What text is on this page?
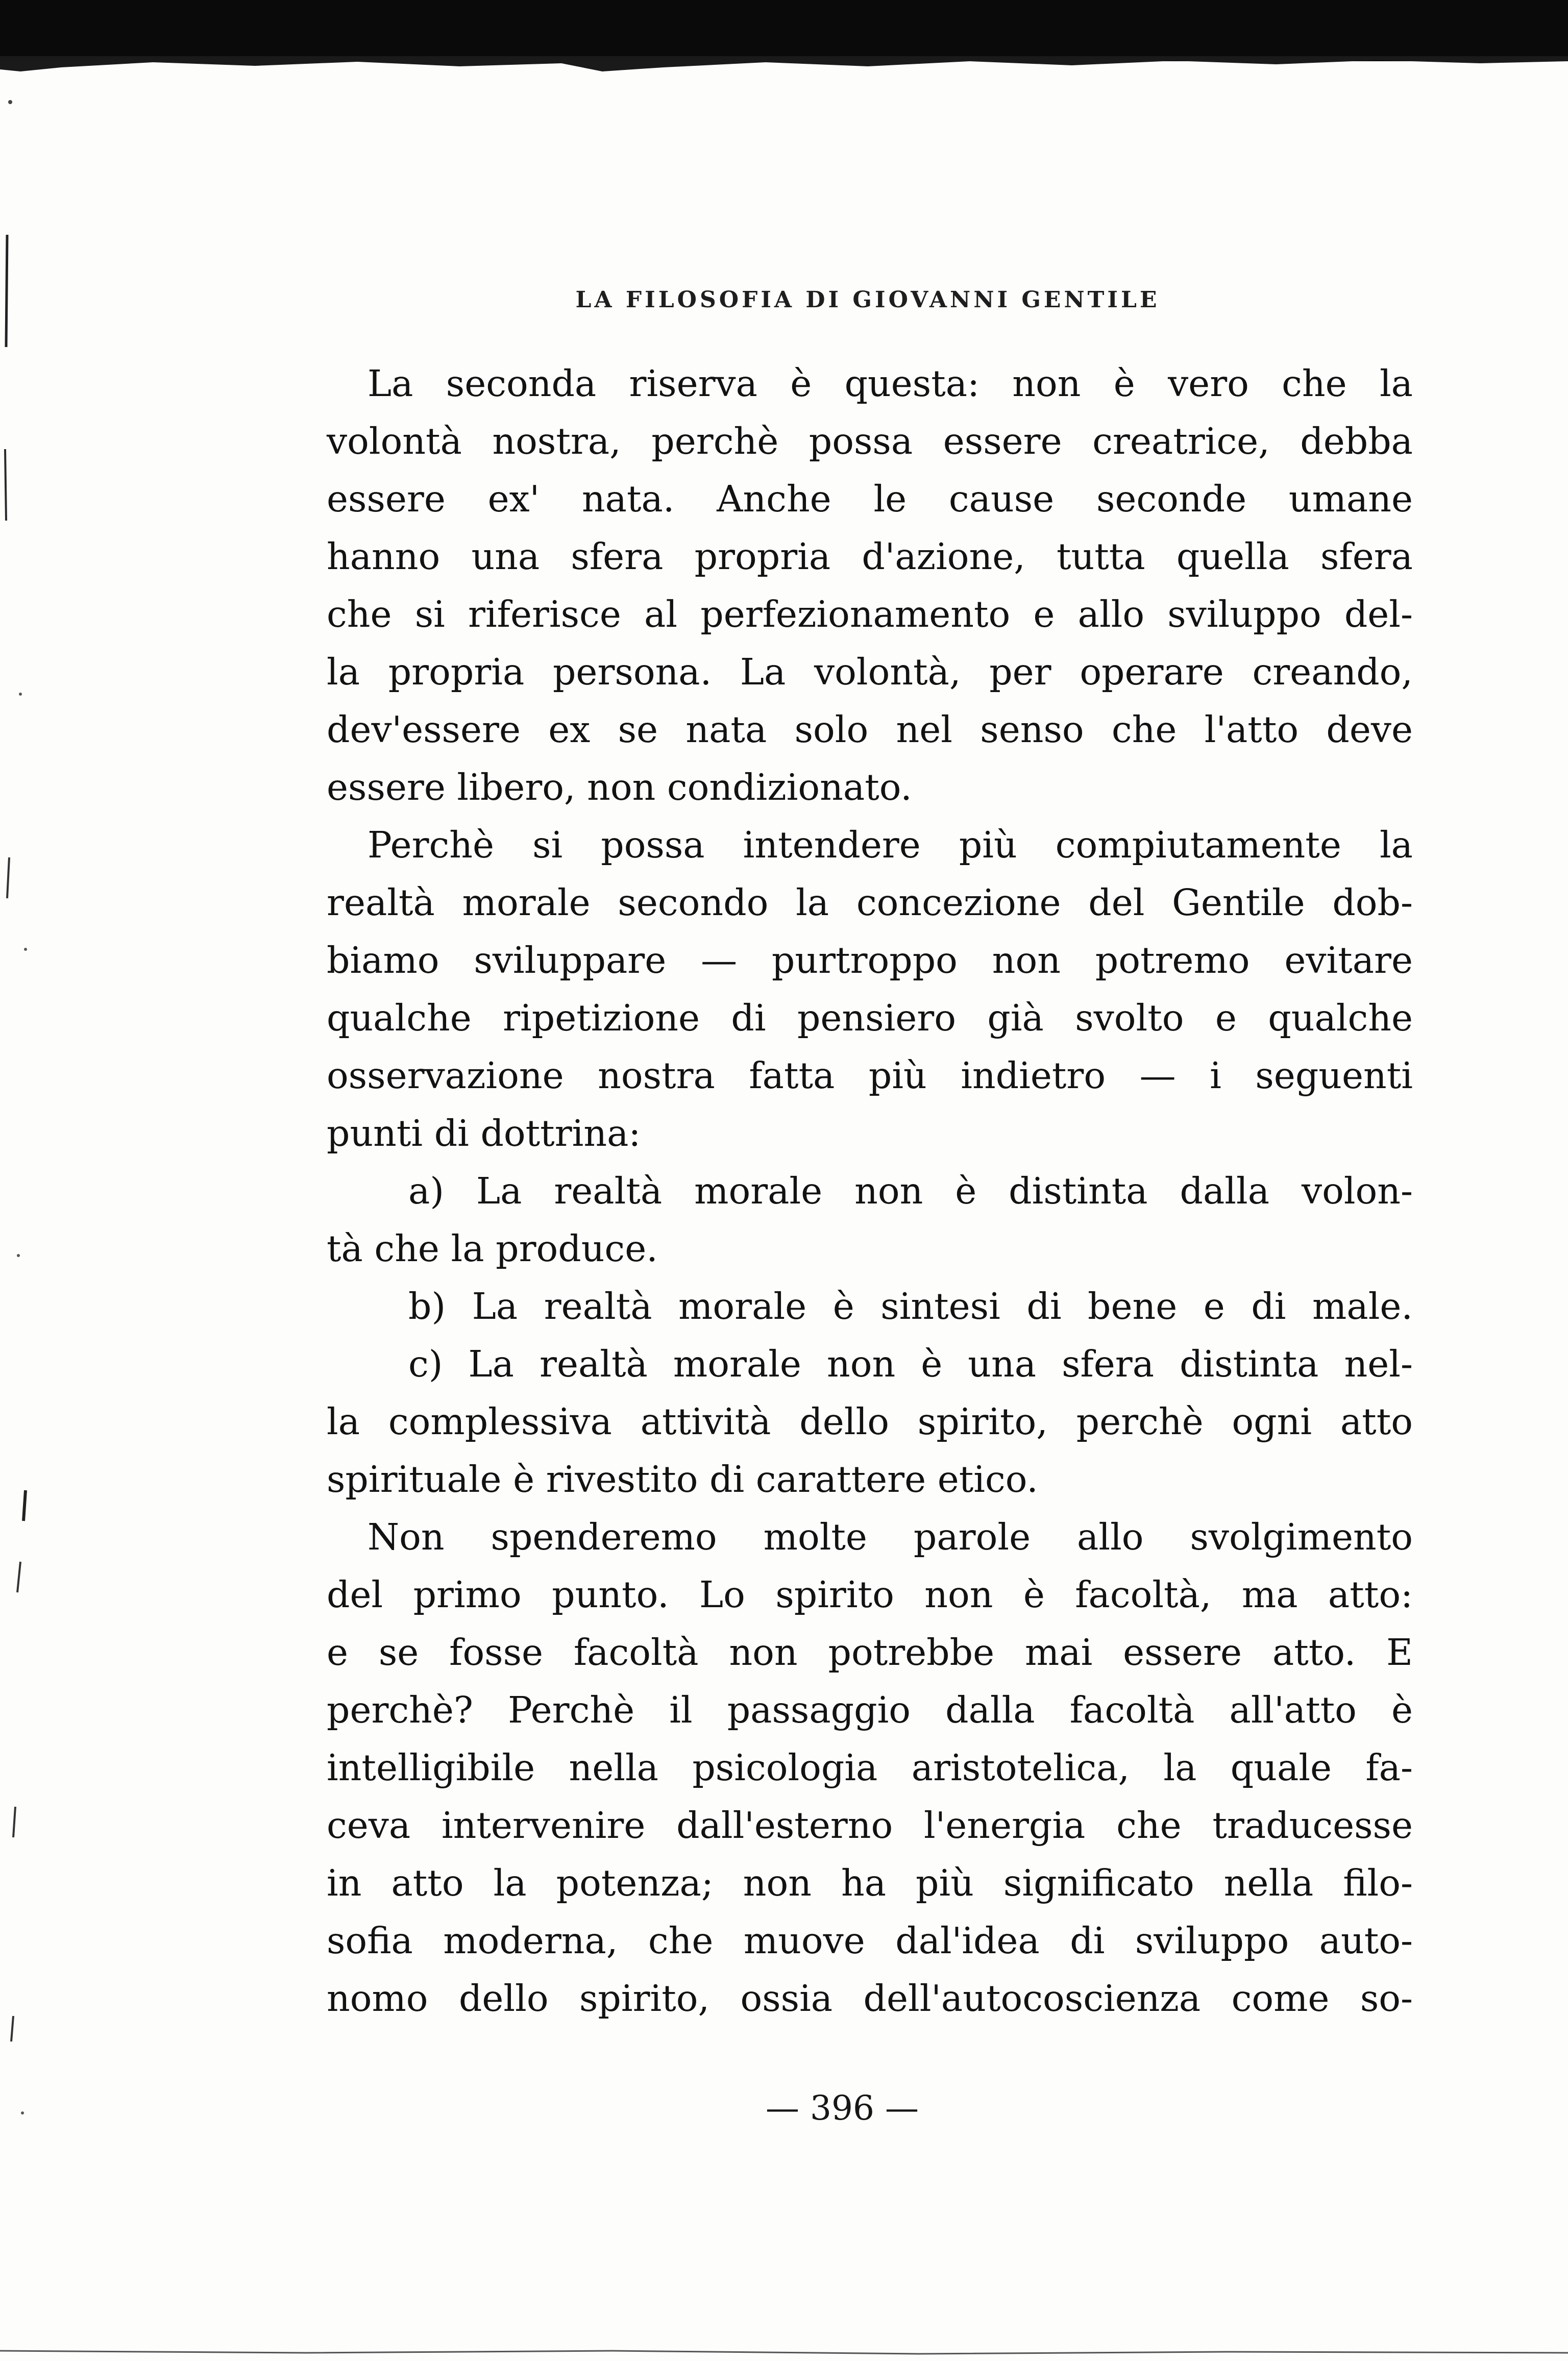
LA FILOSOFIA DI GIOVANNI GENTILE
La seconda riserva è questa: non è vero che la
volontà nostra, perchè possa essere creatrice, debba
essere ex' nata. Anche le cause seconde umane
hanno una sfera propria d'azione, tutta quella sfera
che si riferisce al perfezionamento e allo sviluppo del-
la propria persona. La volontà, per operare creando,
dev'essere ex se nata solo nel senso che l'atto deve
essere libero, non condizionato.
Perchè si possa intendere più compiutamente la
realtà morale secondo la concezione del Gentile dob-
biamo sviluppare — purtroppo non potremo evitare
qualche ripetizione di pensiero già svolto e qualche
osservazione nostra fatta più indietro — i seguenti
punti di dottrina:
a) La realtà morale non è distinta dalla volon-
tà che la produce.
b) La realtà morale è sintesi di bene e di male.
c) La realtà morale non è una sfera distinta nel-
la complessiva attività dello spirito, perchè ogni atto
spirituale è rivestito di carattere etico.
Non spenderemo molte parole allo svolgimento
del primo punto. Lo spirito non è facoltà, ma atto:
e se fosse facoltà non potrebbe mai essere atto. E
perchè? Perchè il passaggio dalla facoltà all'atto è
intelligibile nella psicologia aristotelica, la quale fa-
ceva intervenire dall'esterno l'energia che traducesse
in atto la potenza; non ha più significato nella filo-
sofia moderna, che muove dal'idea di sviluppo auto-
nomo dello spirito, ossia dell'autocoscienza come so-
— 396 —
